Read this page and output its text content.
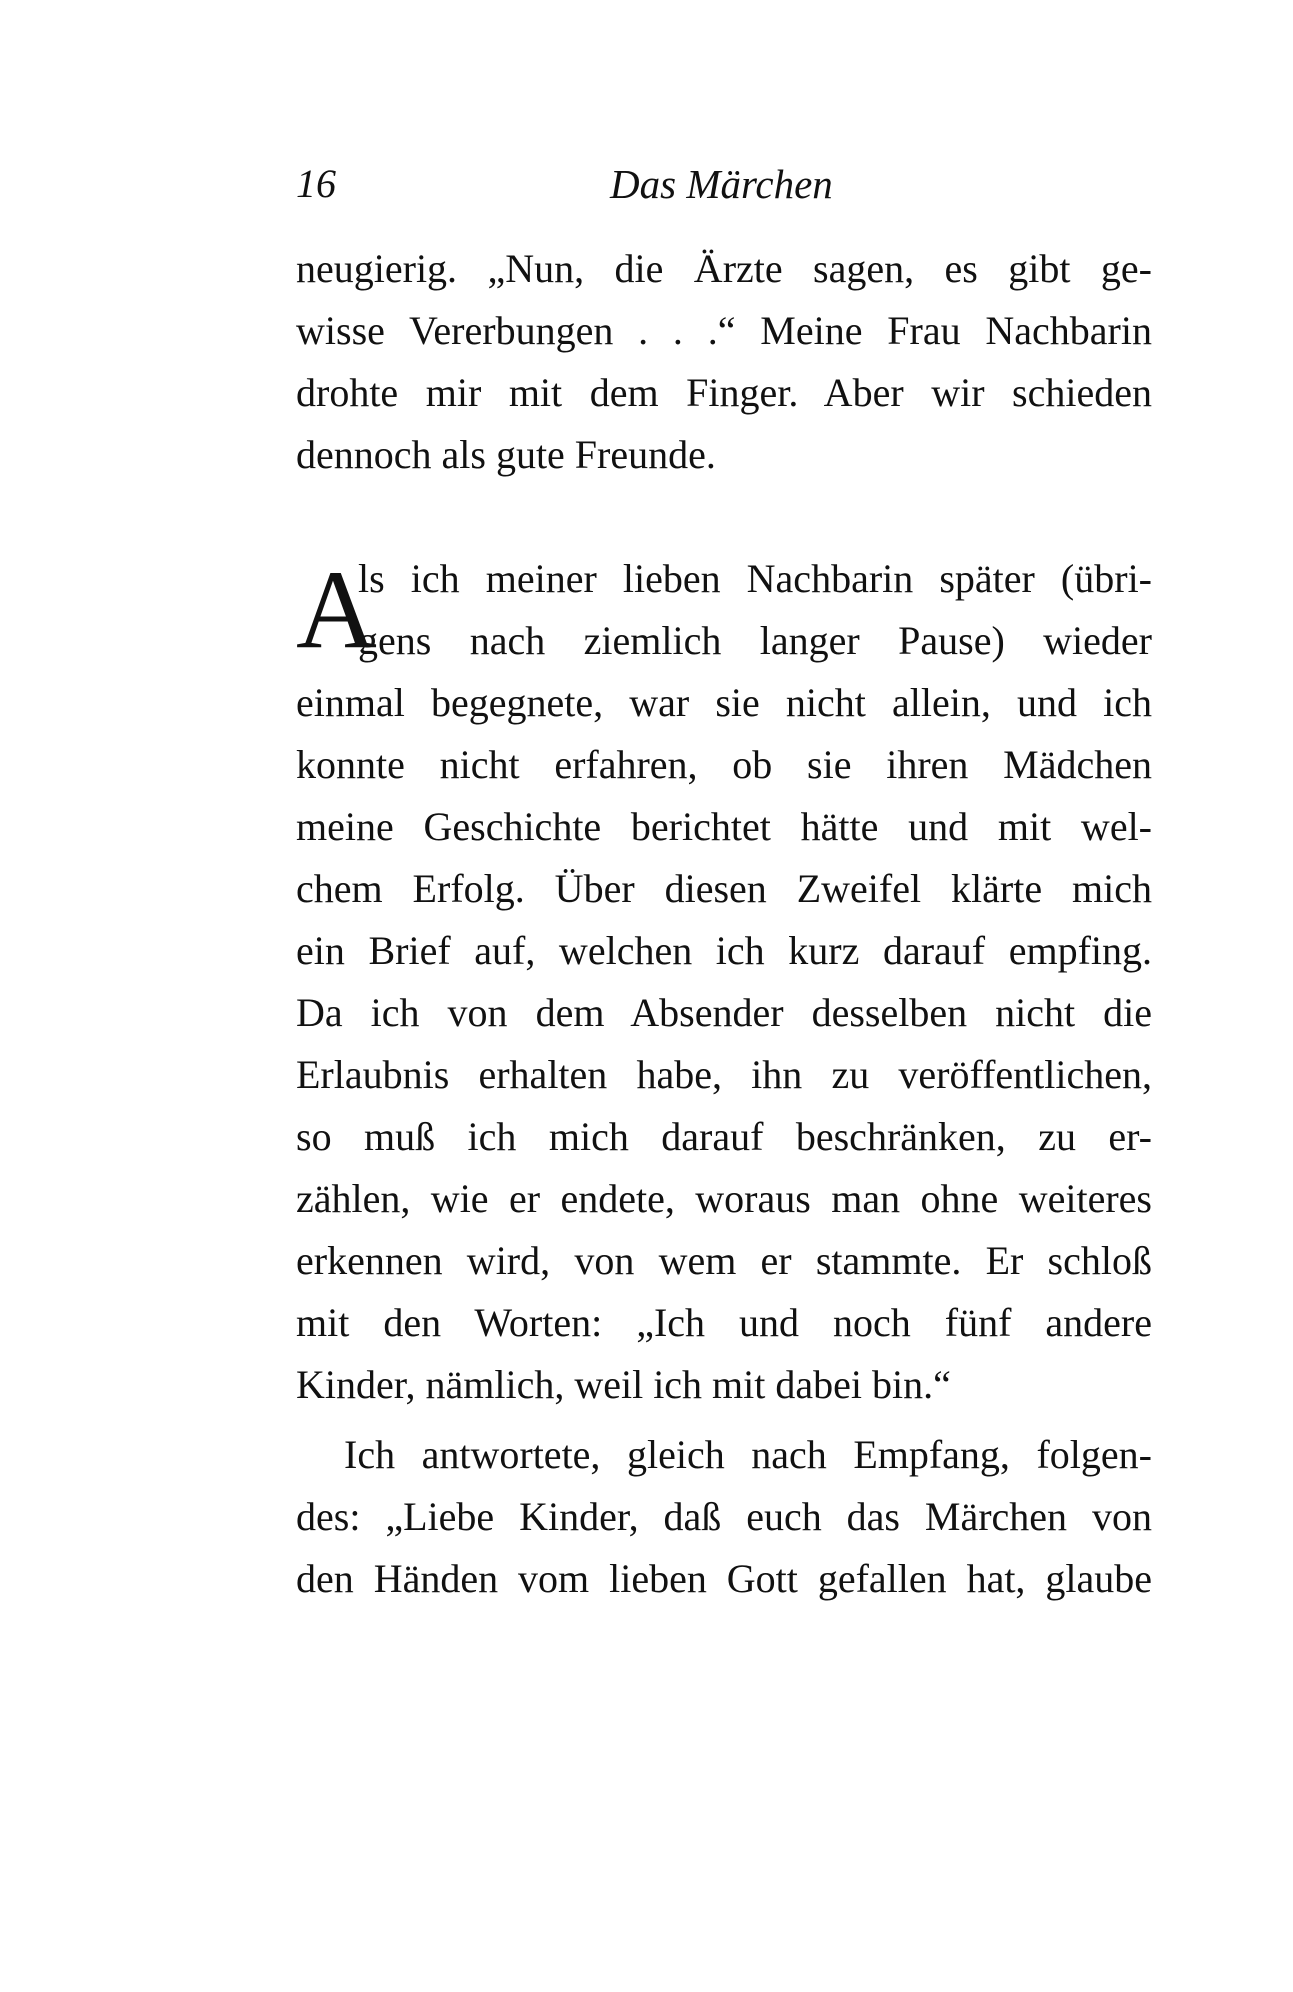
16	Das Märchen
neugierig. „Nun, die Ärzte sagen, es gibt ge-
wisse Vererbungen . . .“ Meine Frau Nachbarin
drohte mir mit dem Finger. Aber wir schieden
dennoch als gute Freunde.
A
ls ich meiner lieben Nachbarin später (übri-
gens nach ziemlich langer Pause) wieder
einmal begegnete, war sie nicht allein, und ich
konnte nicht erfahren, ob sie ihren Mädchen
meine Geschichte berichtet hätte und mit wel-
chem Erfolg. Über diesen Zweifel klärte mich
ein Brief auf, welchen ich kurz darauf empfing.
Da ich von dem Absender desselben nicht die
Erlaubnis erhalten habe, ihn zu veröffentlichen,
so muß ich mich darauf beschränken, zu er-
zählen, wie er endete, woraus man ohne weiteres
erkennen wird, von wem er stammte. Er schloß
mit den Worten: „Ich und noch fünf andere
Kinder, nämlich, weil ich mit dabei bin.“
Ich antwortete, gleich nach Empfang, folgen-
des: „Liebe Kinder, daß euch das Märchen von
den Händen vom lieben Gott gefallen hat, glaube
